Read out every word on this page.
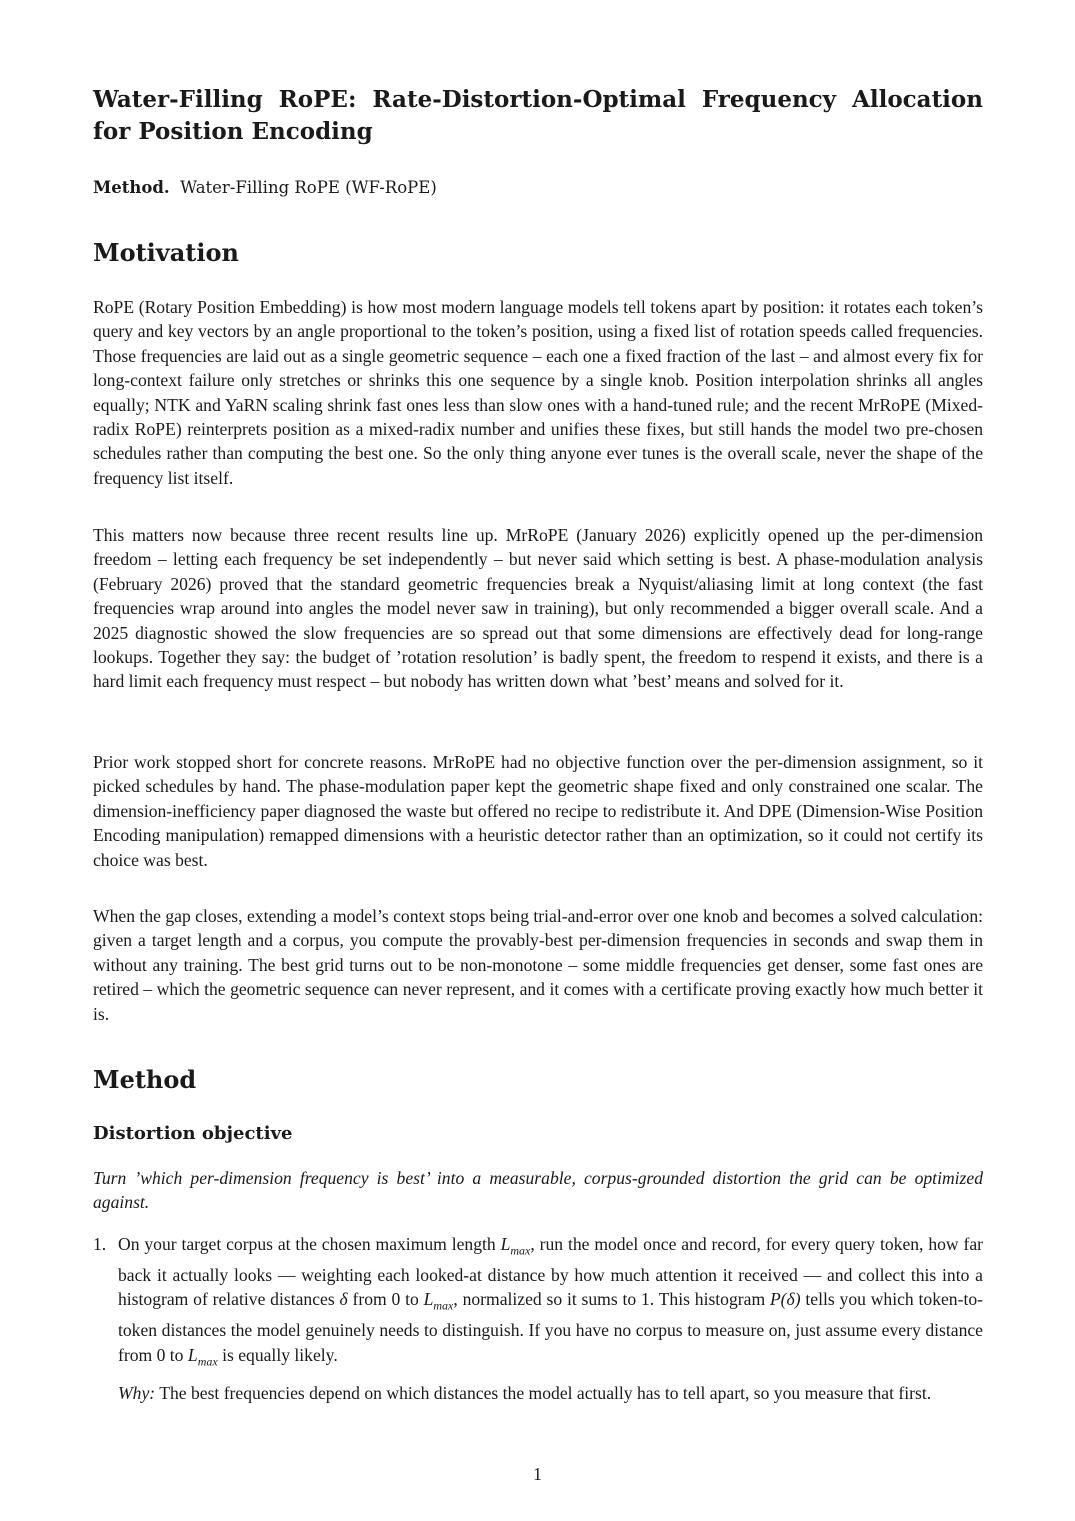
Water-Filling RoPE: Rate-Distortion-Optimal Frequency Allocation for Position Encoding

Method. Water-Filling RoPE (WF-RoPE)

Motivation

RoPE (Rotary Position Embedding) is how most modern language models tell tokens apart by position: it rotates each token’s query and key vectors by an angle proportional to the token’s position, using a fixed list of rotation speeds called frequencies. Those frequencies are laid out as a single geometric sequence – each one a fixed fraction of the last – and almost every fix for long-context failure only stretches or shrinks this one sequence by a single knob. Position interpolation shrinks all angles equally; NTK and YaRN scaling shrink fast ones less than slow ones with a hand-tuned rule; and the recent MrRoPE (Mixed-radix RoPE) reinterprets position as a mixed-radix number and unifies these fixes, but still hands the model two pre-chosen schedules rather than computing the best one. So the only thing anyone ever tunes is the overall scale, never the shape of the frequency list itself.

This matters now because three recent results line up. MrRoPE (January 2026) explicitly opened up the per-dimension freedom – letting each frequency be set independently – but never said which setting is best. A phase-modulation analysis (February 2026) proved that the standard geometric frequencies break a Nyquist/aliasing limit at long context (the fast frequencies wrap around into angles the model never saw in training), but only recommended a bigger overall scale. And a 2025 diagnostic showed the slow frequencies are so spread out that some dimensions are effectively dead for long-range lookups. Together they say: the budget of ’rotation resolution’ is badly spent, the freedom to respend it exists, and there is a hard limit each frequency must respect – but nobody has written down what ’best’ means and solved for it.

Prior work stopped short for concrete reasons. MrRoPE had no objective function over the per-dimension assignment, so it picked schedules by hand. The phase-modulation paper kept the geometric shape fixed and only constrained one scalar. The dimension-inefficiency paper diagnosed the waste but offered no recipe to redistribute it. And DPE (Dimension-Wise Position Encoding manipulation) remapped dimensions with a heuristic detector rather than an optimization, so it could not certify its choice was best.

When the gap closes, extending a model’s context stops being trial-and-error over one knob and becomes a solved calculation: given a target length and a corpus, you compute the provably-best per-dimension frequencies in seconds and swap them in without any training. The best grid turns out to be non-monotone – some middle frequencies get denser, some fast ones are retired – which the geometric sequence can never represent, and it comes with a certificate proving exactly how much better it is.

Method
Distortion objective

Turn ’which per-dimension frequency is best’ into a measurable, corpus-grounded distortion the grid can be optimized against.

1. On your target corpus at the chosen maximum length $L_{max}$, run the model once and record, for every query token, how far back it actually looks — weighting each looked-at distance by how much attention it received — and collect this into a histogram of relative distances δ from 0 to $L_{max}$, normalized so it sums to 1. This histogram P(δ) tells you which token-to-token distances the model genuinely needs to distinguish. If you have no corpus to measure on, just assume every distance from 0 to $L_{max}$ is equally likely.
Why: The best frequencies depend on which distances the model actually has to tell apart, so you measure that first.
1
